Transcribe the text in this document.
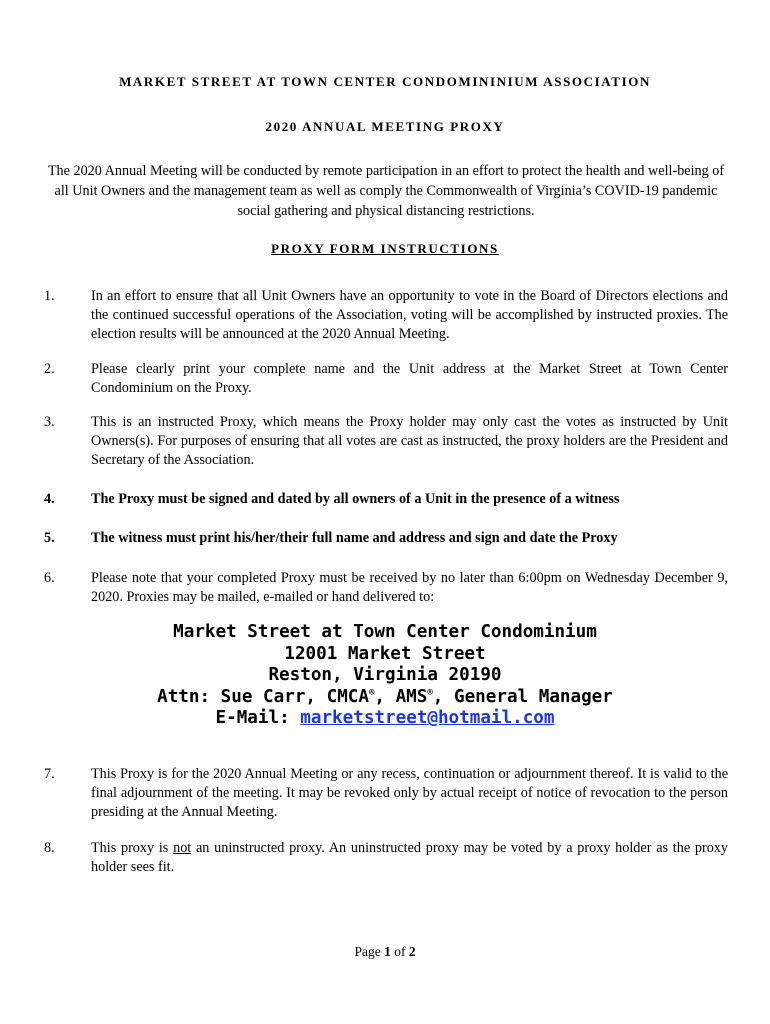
MARKET STREET AT TOWN CENTER CONDOMININIUM ASSOCIATION
2020 ANNUAL MEETING PROXY
The 2020 Annual Meeting will be conducted by remote participation in an effort to protect the health and well-being of all Unit Owners and the management team as well as comply the Commonwealth of Virginia’s COVID-19 pandemic social gathering and physical distancing restrictions.
PROXY FORM INSTRUCTIONS
1.	In an effort to ensure that all Unit Owners have an opportunity to vote in the Board of Directors elections and the continued successful operations of the Association, voting will be accomplished by instructed proxies. The election results will be announced at the 2020 Annual Meeting.
2.	Please clearly print your complete name and the Unit address at the Market Street at Town Center Condominium on the Proxy.
3.	This is an instructed Proxy, which means the Proxy holder may only cast the votes as instructed by Unit Owners(s). For purposes of ensuring that all votes are cast as instructed, the proxy holders are the President and Secretary of the Association.
4.	The Proxy must be signed and dated by all owners of a Unit in the presence of a witness
5.	The witness must print his/her/their full name and address and sign and date the Proxy
6.	Please note that your completed Proxy must be received by no later than 6:00pm on Wednesday December 9, 2020. Proxies may be mailed, e-mailed or hand delivered to:
Market Street at Town Center Condominium
12001 Market Street
Reston, Virginia 20190
Attn: Sue Carr, CMCA®, AMS®, General Manager
E-Mail: marketstreet@hotmail.com
7.	This Proxy is for the 2020 Annual Meeting or any recess, continuation or adjournment thereof. It is valid to the final adjournment of the meeting. It may be revoked only by actual receipt of notice of revocation to the person presiding at the Annual Meeting.
8.	This proxy is not an uninstructed proxy. An uninstructed proxy may be voted by a proxy holder as the proxy holder sees fit.
Page 1 of 2
